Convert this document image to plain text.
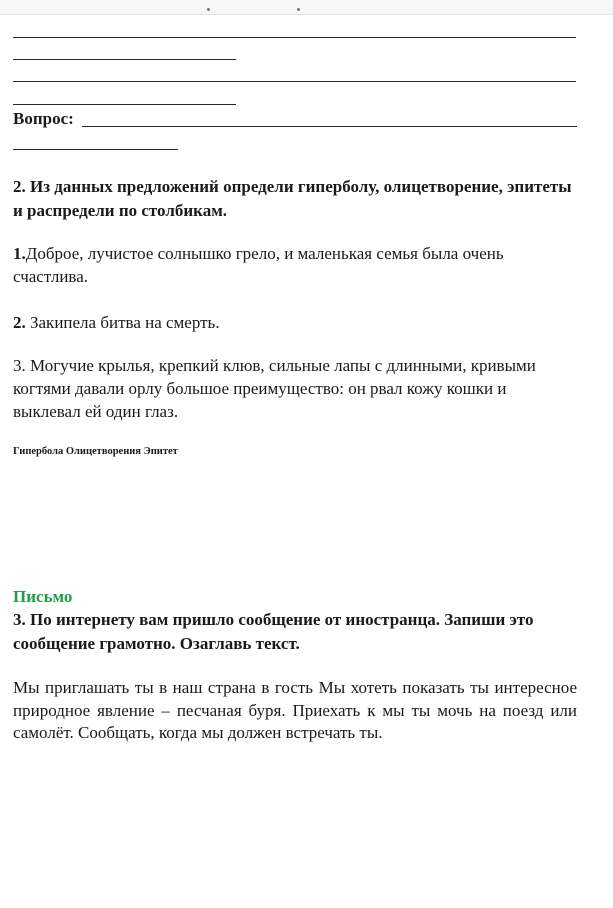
Вопрос:

2. Из данных предложений определи гиперболу, олицетворение, эпитеты и распредели по столбикам.

1.Доброе, лучистое солнышко грело, и маленькая семья была очень счастлива.

2. Закипела битва на смерть.

3. Могучие крылья, крепкий клюв, сильные лапы с длинными, кривыми когтями давали орлу большое преимущество: он рвал кожу кошки и выклевал ей один глаз.

Гипербола Олицетворения Эпитет

Письмо

3. По интернету вам пришло сообщение от иностранца. Запиши это сообщение грамотно. Озаглавь текст.

Мы приглашать ты в наш страна в гость Мы хотеть показать ты интересное природное явление – песчаная буря. Приехать к мы ты мочь на поезд или самолёт. Сообщать, когда мы должен встречать ты.
